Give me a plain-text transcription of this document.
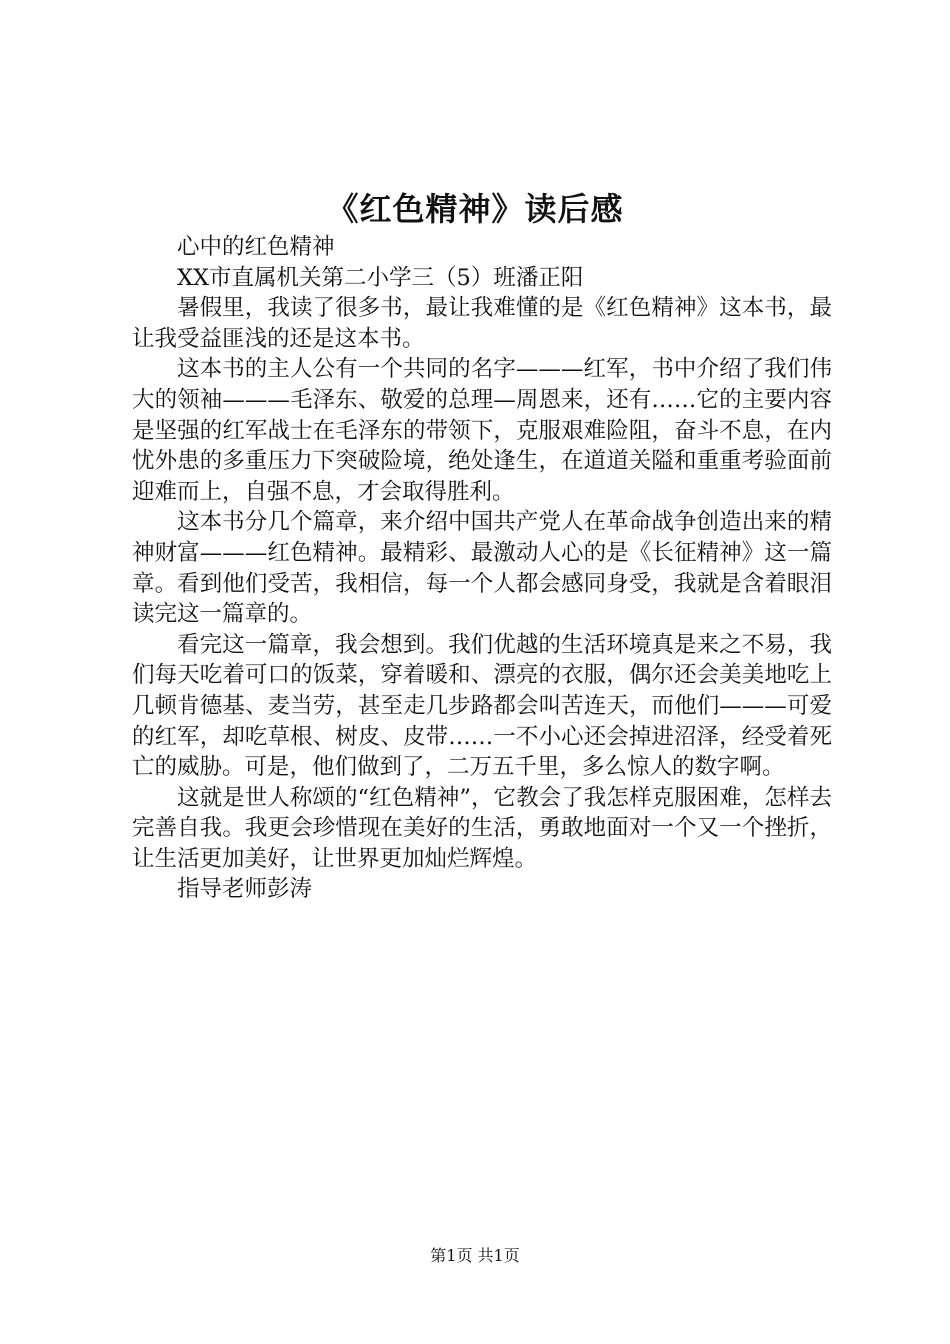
《红色精神》读后感

心中的红色精神

XX市直属机关第二小学三（5）班潘正阳

暑假里，我读了很多书，最让我难懂的是《红色精神》这本书，最让我受益匪浅的还是这本书。

这本书的主人公有一个共同的名字———红军，书中介绍了我们伟大的领袖———毛泽东、敬爱的总理—周恩来，还有……它的主要内容是坚强的红军战士在毛泽东的带领下，克服艰难险阻，奋斗不息，在内忧外患的多重压力下突破险境，绝处逢生，在道道关隘和重重考验面前迎难而上，自强不息，才会取得胜利。

这本书分几个篇章，来介绍中国共产党人在革命战争创造出来的精神财富———红色精神。最精彩、最激动人心的是《长征精神》这一篇章。看到他们受苦，我相信，每一个人都会感同身受，我就是含着眼泪读完这一篇章的。

看完这一篇章，我会想到。我们优越的生活环境真是来之不易，我们每天吃着可口的饭菜，穿着暖和、漂亮的衣服，偶尔还会美美地吃上几顿肯德基、麦当劳，甚至走几步路都会叫苦连天，而他们———可爱的红军，却吃草根、树皮、皮带……一不小心还会掉进沼泽，经受着死亡的威胁。可是，他们做到了，二万五千里，多么惊人的数字啊。

这就是世人称颂的“红色精神”，它教会了我怎样克服困难，怎样去完善自我。我更会珍惜现在美好的生活，勇敢地面对一个又一个挫折，让生活更加美好，让世界更加灿烂辉煌。

指导老师彭涛

第1页 共1页
